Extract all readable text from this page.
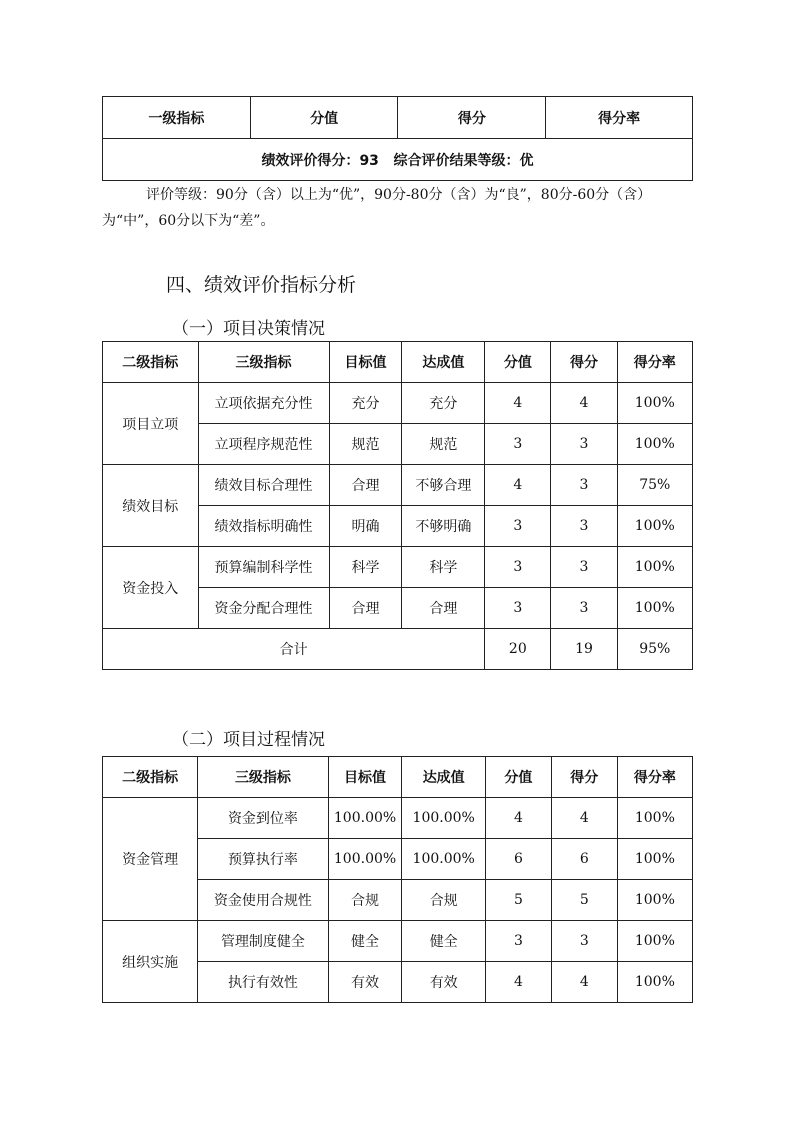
一级指标	分值	得分	得分率
绩效评价得分：93 综合评价结果等级：优

评价等级：90分（含）以上为“优”，90分-80分（含）为“良”，80分-60分（含）为“中”，60分以下为“差”。

四、绩效评价指标分析
（一）项目决策情况
二级指标	三级指标	目标值	达成值	分值	得分	得分率
项目立项	立项依据充分性	充分	充分	4	4	100%
	立项程序规范性	规范	规范	3	3	100%
绩效目标	绩效目标合理性	合理	不够合理	4	3	75%
	绩效指标明确性	明确	不够明确	3	3	100%
资金投入	预算编制科学性	科学	科学	3	3	100%
	资金分配合理性	合理	合理	3	3	100%
合计				20	19	95%
（二）项目过程情况
二级指标	三级指标	目标值	达成值	分值	得分	得分率
资金管理	资金到位率	100.00%	100.00%	4	4	100%
	预算执行率	100.00%	100.00%	6	6	100%
	资金使用合规性	合规	合规	5	5	100%
组织实施	管理制度健全	健全	健全	3	3	100%
	执行有效性	有效	有效	4	4	100%
